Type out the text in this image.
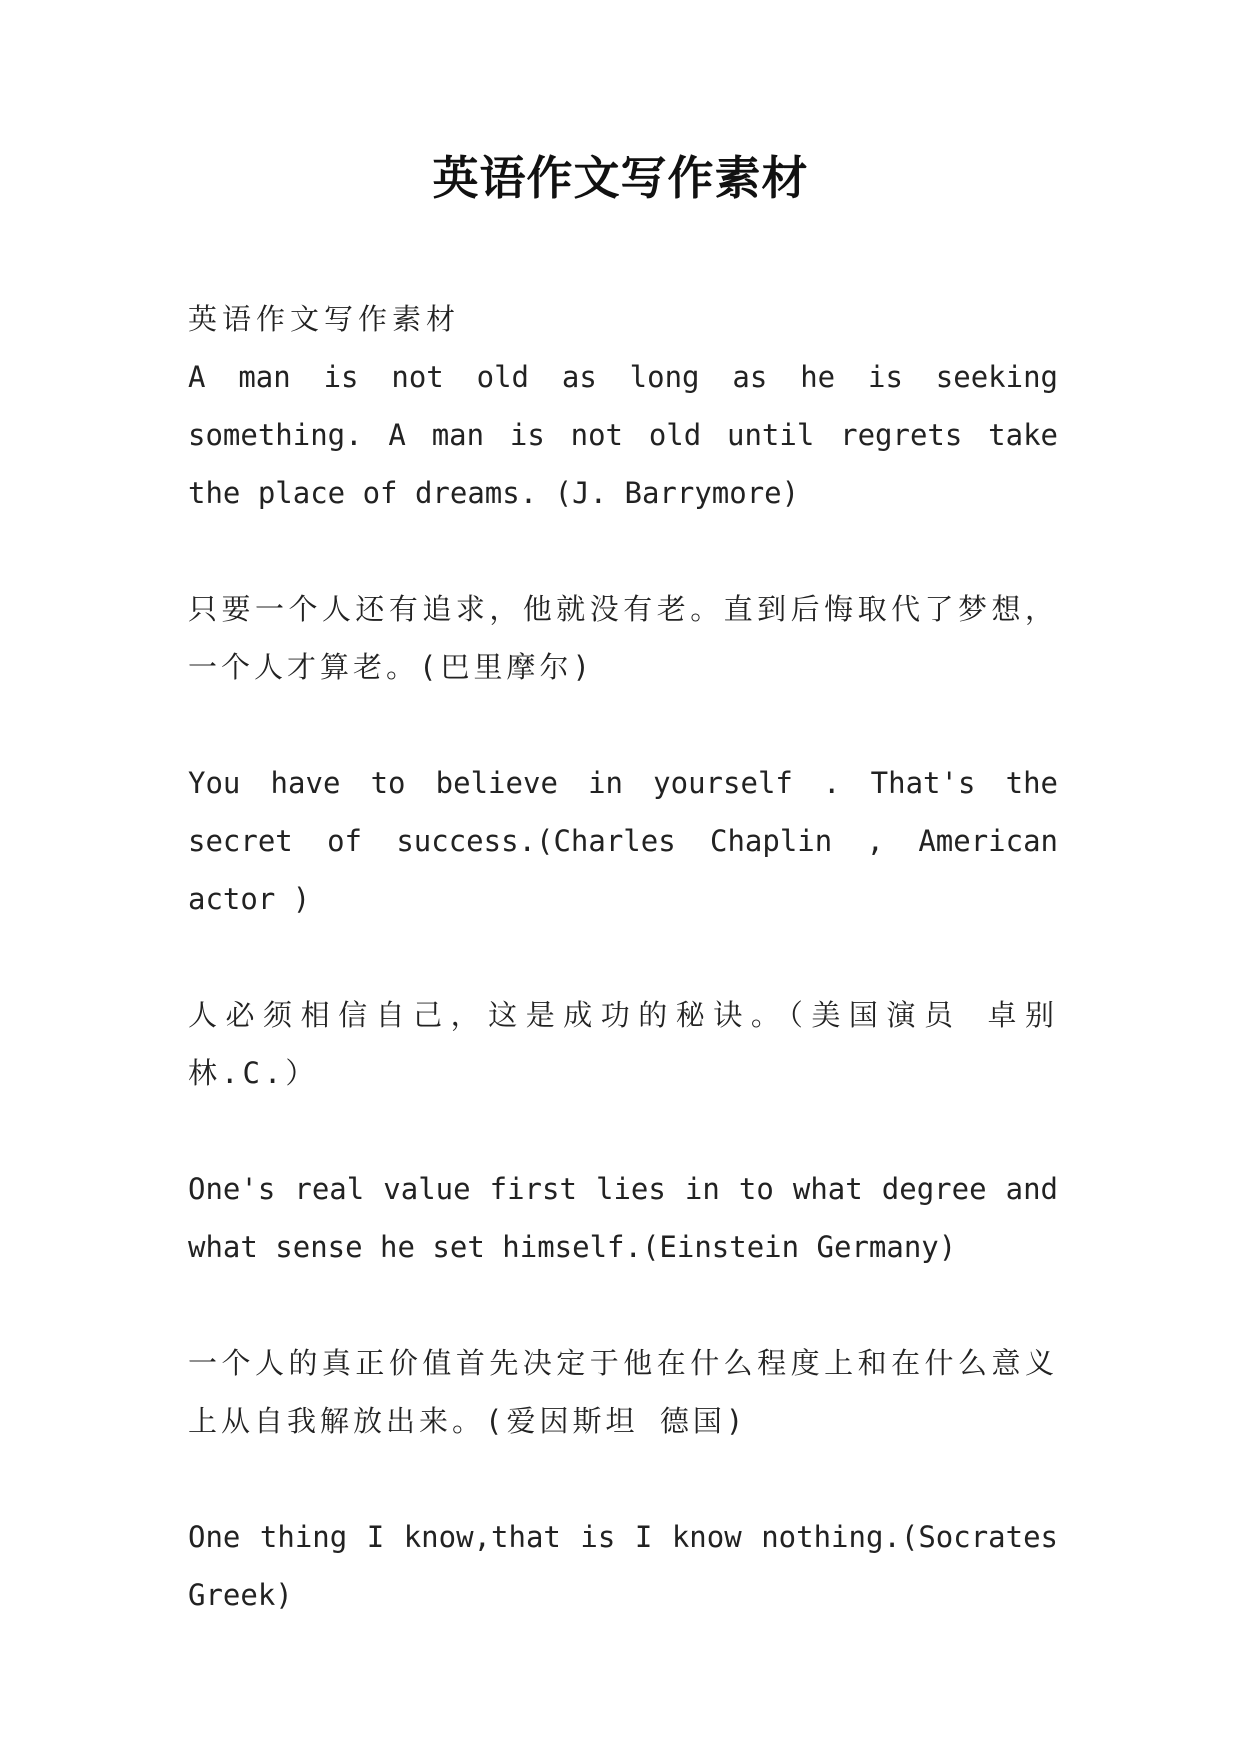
英语作文写作素材

英语作文写作素材

A man is not old as long as he is seeking something. A man is not old until regrets take the place of dreams. (J. Barrymore)

只要一个人还有追求，他就没有老。直到后悔取代了梦想，一个人才算老。(巴里摩尔)

You have to believe in yourself . That's the secret of success.(Charles Chaplin , American actor )

人必须相信自己，这是成功的秘诀。（美国演员 卓别林.C.）

One's real value first lies in to what degree and what sense he set himself.(Einstein Germany)

一个人的真正价值首先决定于他在什么程度上和在什么意义上从自我解放出来。(爱因斯坦 德国)

One thing I know,that is I know nothing.(Socrates Greek)
